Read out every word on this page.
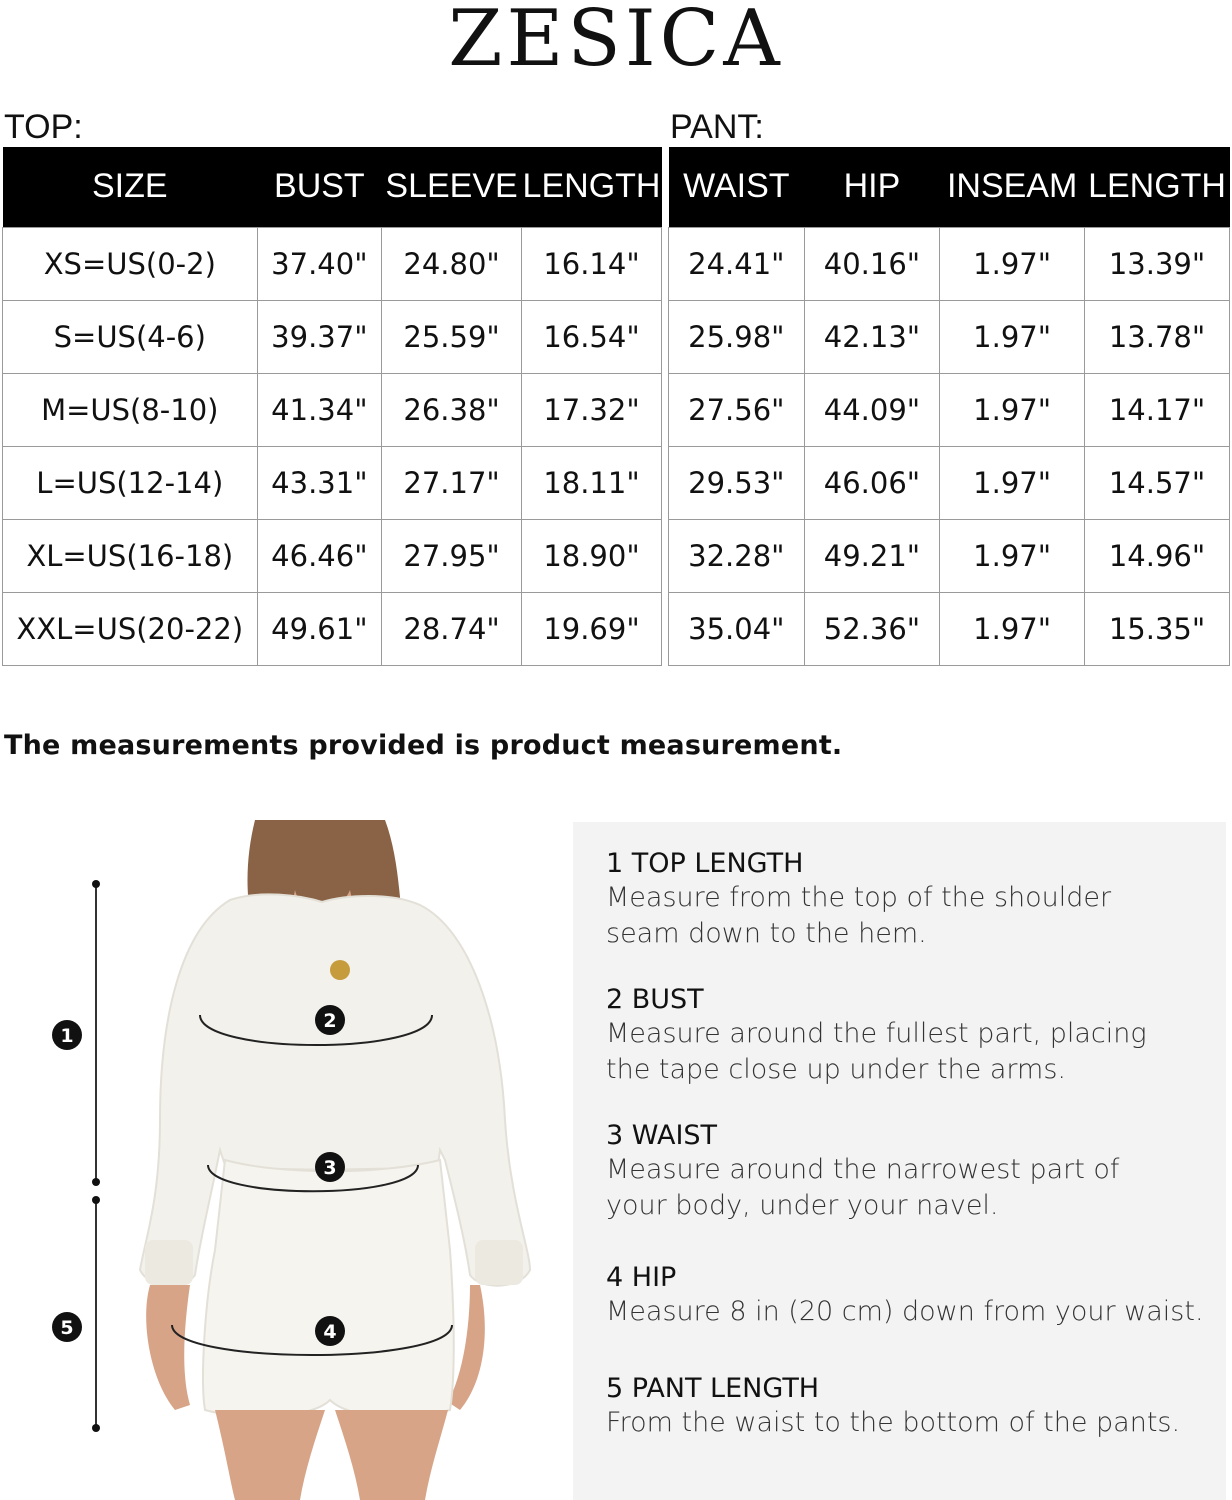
ZESICA
TOP:	PANT:
SIZE	BUST	SLEEVE	LENGTH
XS=US(0-2)	37.40"	24.80"	16.14"
S=US(4-6)	39.37"	25.59"	16.54"
M=US(8-10)	41.34"	26.38"	17.32"
L=US(12-14)	43.31"	27.17"	18.11"
XL=US(16-18)	46.46"	27.95"	18.90"
XXL=US(20-22)	49.61"	28.74"	19.69"
WAIST	HIP	INSEAM	LENGTH
24.41"	40.16"	1.97"	13.39"
25.98"	42.13"	1.97"	13.78"
27.56"	44.09"	1.97"	14.17"
29.53"	46.06"	1.97"	14.57"
32.28"	49.21"	1.97"	14.96"
35.04"	52.36"	1.97"	15.35"
The measurements provided is product measurement.
1
2
3
4
5
1 TOP LENGTH
Measure from the top of the shoulder
seam down to the hem.
2 BUST
Measure around the fullest part, placing
the tape close up under the arms.
3 WAIST
Measure around the narrowest part of
your body, under your navel.
4 HIP
Measure 8 in (20 cm) down from your waist.
5 PANT LENGTH
From the waist to the bottom of the pants.
